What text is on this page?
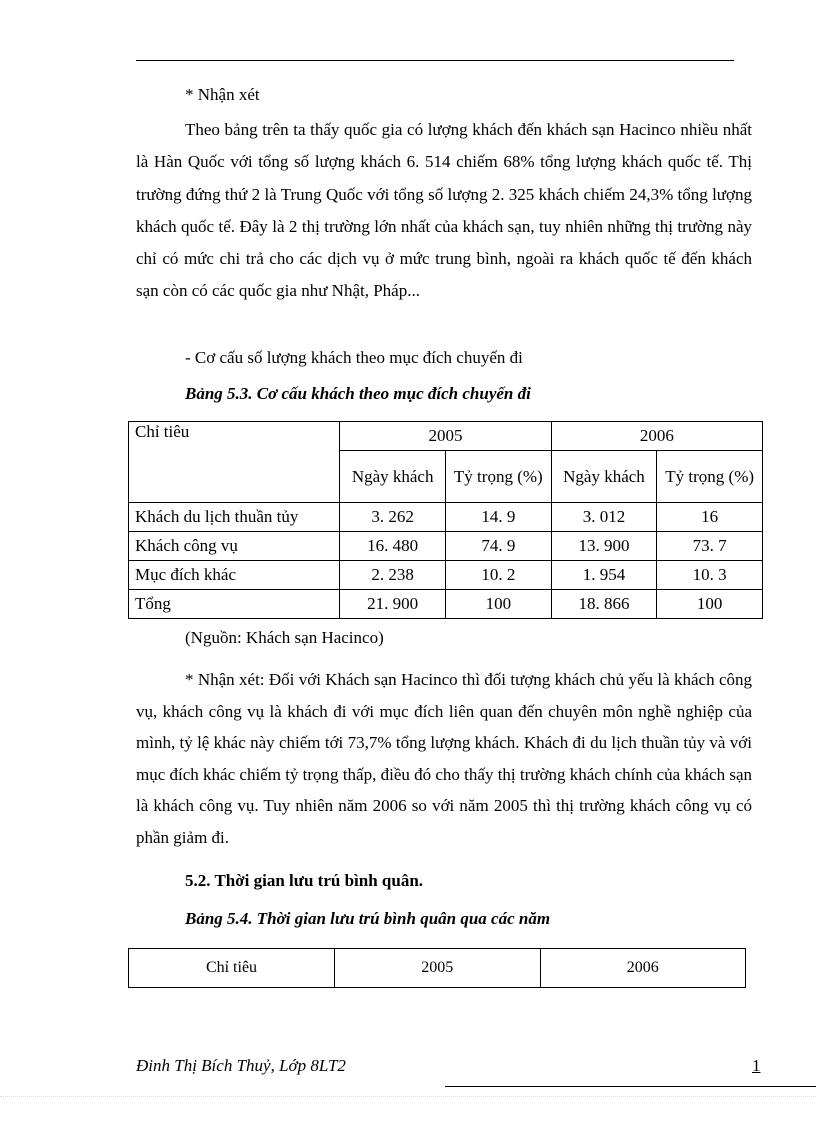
* Nhận xét
Theo bảng trên ta thấy quốc gia có lượng khách đến khách sạn Hacinco nhiều nhất là Hàn Quốc với tổng số lượng khách 6. 514 chiếm 68% tổng lượng khách quốc tế. Thị trường đứng thứ 2 là Trung Quốc với tổng số lượng 2. 325 khách chiếm 24,3% tổng lượng khách quốc tế. Đây là 2 thị trường lớn nhất của khách sạn, tuy nhiên những thị trường này chỉ có mức chi trả cho các dịch vụ ở mức trung bình, ngoài ra khách quốc tế đến khách sạn còn có các quốc gia như Nhật, Pháp...
- Cơ cấu số lượng khách theo mục đích chuyến đi
Bảng 5.3. Cơ cấu khách theo mục đích chuyến đi
Chỉ tiêu	2005		2006	
	Ngày khách	Tỷ trọng (%)	Ngày khách	Tỷ trọng (%)
Khách du lịch thuần tủy	3. 262	14. 9	3. 012	16
Khách công vụ	16. 480	74. 9	13. 900	73. 7
Mục đích khác	2. 238	10. 2	1. 954	10. 3
Tổng	21. 900	100	18. 866	100
(Nguồn: Khách sạn Hacinco)
* Nhận xét: Đối với Khách sạn Hacinco thì đối tượng khách chủ yếu là khách công vụ, khách công vụ là khách đi với mục đích liên quan đến chuyên môn nghề nghiệp của mình, tỷ lệ khác này chiếm tới 73,7% tổng lượng khách. Khách đi du lịch thuần tủy và với mục đích khác chiếm tỷ trọng thấp, điều đó cho thấy thị trường khách chính của khách sạn là khách công vụ. Tuy nhiên năm 2006 so với năm 2005 thì thị trường khách công vụ có phần giảm đi.
5.2. Thời gian lưu trú bình quân.
Bảng 5.4. Thời gian lưu trú bình quân qua các năm
Chỉ tiêu	2005	2006
Đinh Thị Bích Thuỷ, Lớp 8LT2	1
